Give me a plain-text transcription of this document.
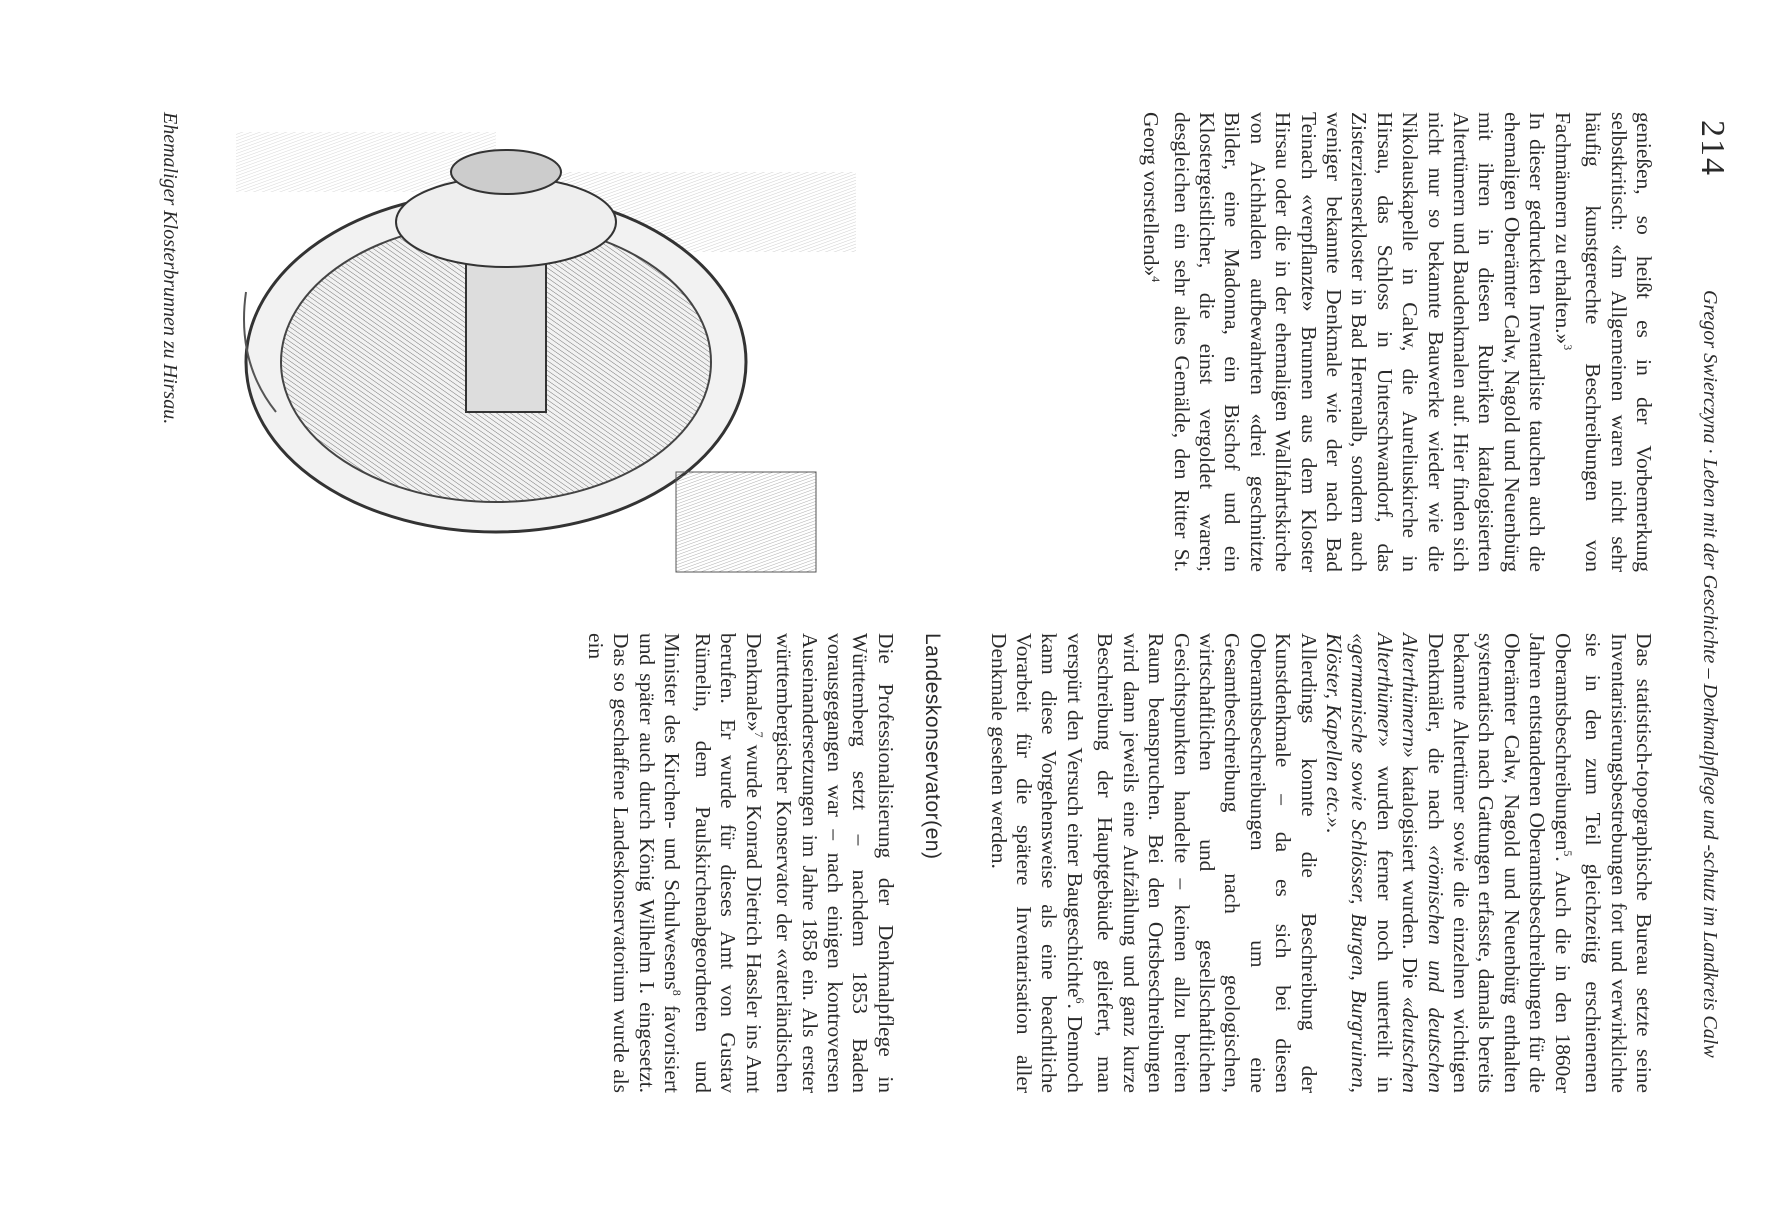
214
Gregor Swierczyna · Leben mit der Geschichte – Denkmalpflege und -schutz im Landkreis Calw

genießen, so heißt es in der Vorbemerkung selbstkritisch: «Im Allgemeinen waren nicht sehr häufig kunstgerechte Beschreibungen von Fachmännern zu erhalten.»$^3$

In dieser gedruckten Inventarliste tauchen auch die ehemaligen Oberämter Calw, Nagold und Neuenbürg mit ihren in diesen Rubriken katalogisierten Altertümern und Baudenkmalen auf. Hier finden sich nicht nur so bekannte Bauwerke wieder wie die Nikolauskapelle in Calw, die Aureliuskirche in Hirsau, das Schloss in Unterschwandorf, das Zisterzienserkloster in Bad Herrenalb, sondern auch weniger bekannte Denkmale wie der nach Bad Teinach «verpflanzte» Brunnen aus dem Kloster Hirsau oder die in der ehemaligen Wallfahrtskirche von Aichhalden aufbewahrten «drei geschnitzte Bilder, eine Madonna, ein Bischof und ein Klostergeistlicher, die einst vergoldet waren; desgleichen ein sehr altes Gemälde, den Ritter St. Georg vorstellend»$^4$

Ehemaliger Klosterbrunnen zu Hirsau.

Das statistisch-topographische Bureau setzte seine Inventarisierungsbestrebungen fort und verwirklichte sie in den zum Teil gleichzeitig erschienenen Oberamtsbeschreibungen$^5$. Auch die in den 1860er Jahren entstandenen Oberamtsbeschreibungen für die Oberämter Calw, Nagold und Neuenbürg enthalten systematisch nach Gattungen erfasste, damals bereits bekannte Altertümer sowie die einzelnen wichtigen Denkmäler, die nach «römischen und deutschen Alterthümern» katalogisiert wurden. Die «deutschen Alterthümer» wurden ferner noch unterteilt in «germanische sowie Schlösser, Burgen, Burgruinen, Klöster, Kapellen etc.».

Allerdings konnte die Beschreibung der Kunstdenkmale – da es sich bei diesen Oberamtsbeschreibungen um eine Gesamtbeschreibung nach geologischen, wirtschaftlichen und gesellschaftlichen Gesichtspunkten handelte – keinen allzu breiten Raum beanspruchen. Bei den Ortsbeschreibungen wird dann jeweils eine Aufzählung und ganz kurze Beschreibung der Hauptgebäude geliefert, man verspürt den Versuch einer Baugeschichte$^6$. Dennoch kann diese Vorgehensweise als eine beachtliche Vorarbeit für die spätere Inventarisation aller Denkmale gesehen werden.

Landeskonservator(en)

Die Professionalisierung der Denkmalpflege in Württemberg setzt – nachdem 1853 Baden vorausgegangen war – nach einigen kontroversen Auseinandersetzungen im Jahre 1858 ein. Als erster württembergischer Konservator der «vaterländischen Denkmale»$^7$ wurde Konrad Dietrich Hassler ins Amt berufen. Er wurde für dieses Amt von Gustav Rümelin, dem Paulskirchenabgeordneten und Minister des Kirchen- und Schulwesens$^8$ favorisiert und später auch durch König Wilhelm I. eingesetzt. Das so geschaffene Landeskonservatorium wurde als ein
